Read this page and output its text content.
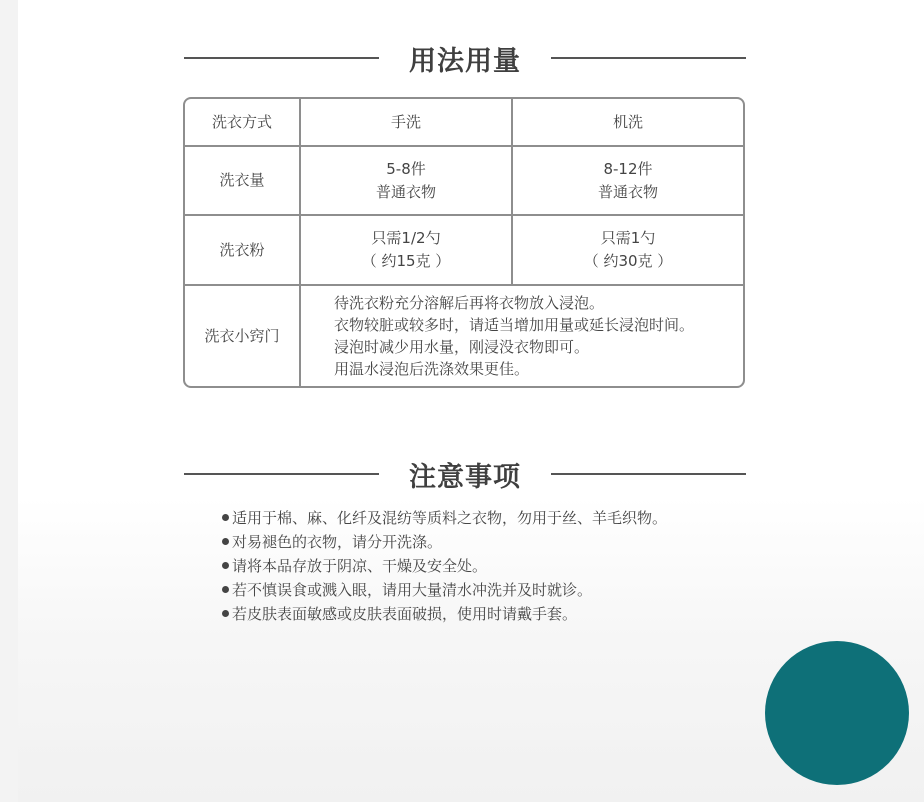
用法用量
洗衣方式	手洗	机洗
洗衣量
5-8件
普通衣物
8-12件
普通衣物
洗衣粉
只需1/2勺
（ 约15克 ）
只需1勺
（ 约30克 ）
洗衣小窍门
待洗衣粉充分溶解后再将衣物放入浸泡。
衣物较脏或较多时，请适当增加用量或延长浸泡时间。
浸泡时减少用水量，刚浸没衣物即可。
用温水浸泡后洗涤效果更佳。
注意事项
适用于棉、麻、化纤及混纺等质料之衣物，勿用于丝、羊毛织物。
对易褪色的衣物，请分开洗涤。
请将本品存放于阴凉、干燥及安全处。
若不慎误食或溅入眼，请用大量清水冲洗并及时就诊。
若皮肤表面敏感或皮肤表面破损，使用时请戴手套。
